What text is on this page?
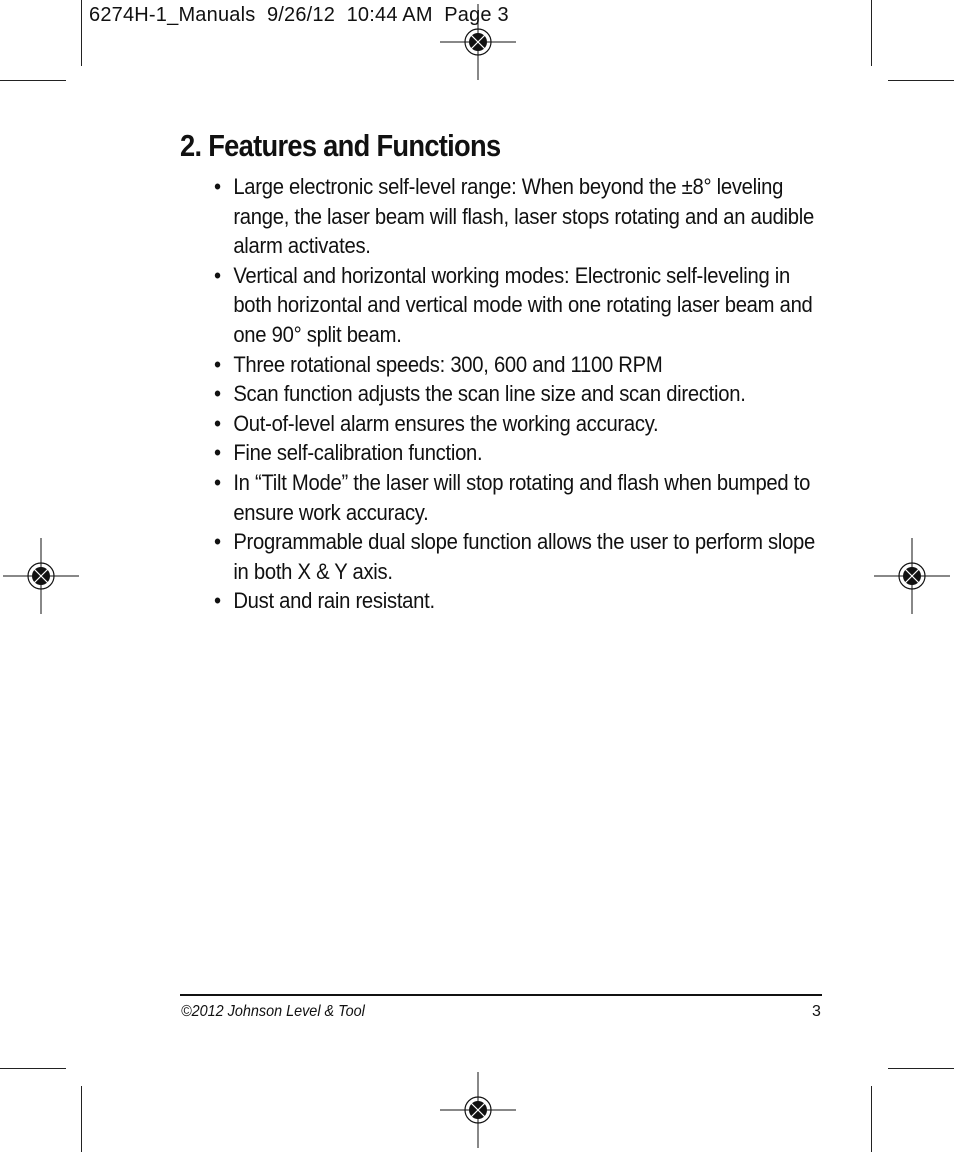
6274H-1_Manuals  9/26/12  10:44 AM  Page 3
2. Features and Functions
• Large electronic self-level range: When beyond the ±8° leveling range, the laser beam will flash, laser stops rotating and an audible alarm activates.
• Vertical and horizontal working modes: Electronic self-leveling in both horizontal and vertical mode with one rotating laser beam and one 90° split beam.
• Three rotational speeds: 300, 600 and 1100 RPM
• Scan function adjusts the scan line size and scan direction.
• Out-of-level alarm ensures the working accuracy.
• Fine self-calibration function.
• In “Tilt Mode” the laser will stop rotating and flash when bumped to ensure work accuracy.
• Programmable dual slope function allows the user to perform slope in both X & Y axis.
• Dust and rain resistant.
©2012 Johnson Level & Tool	3
